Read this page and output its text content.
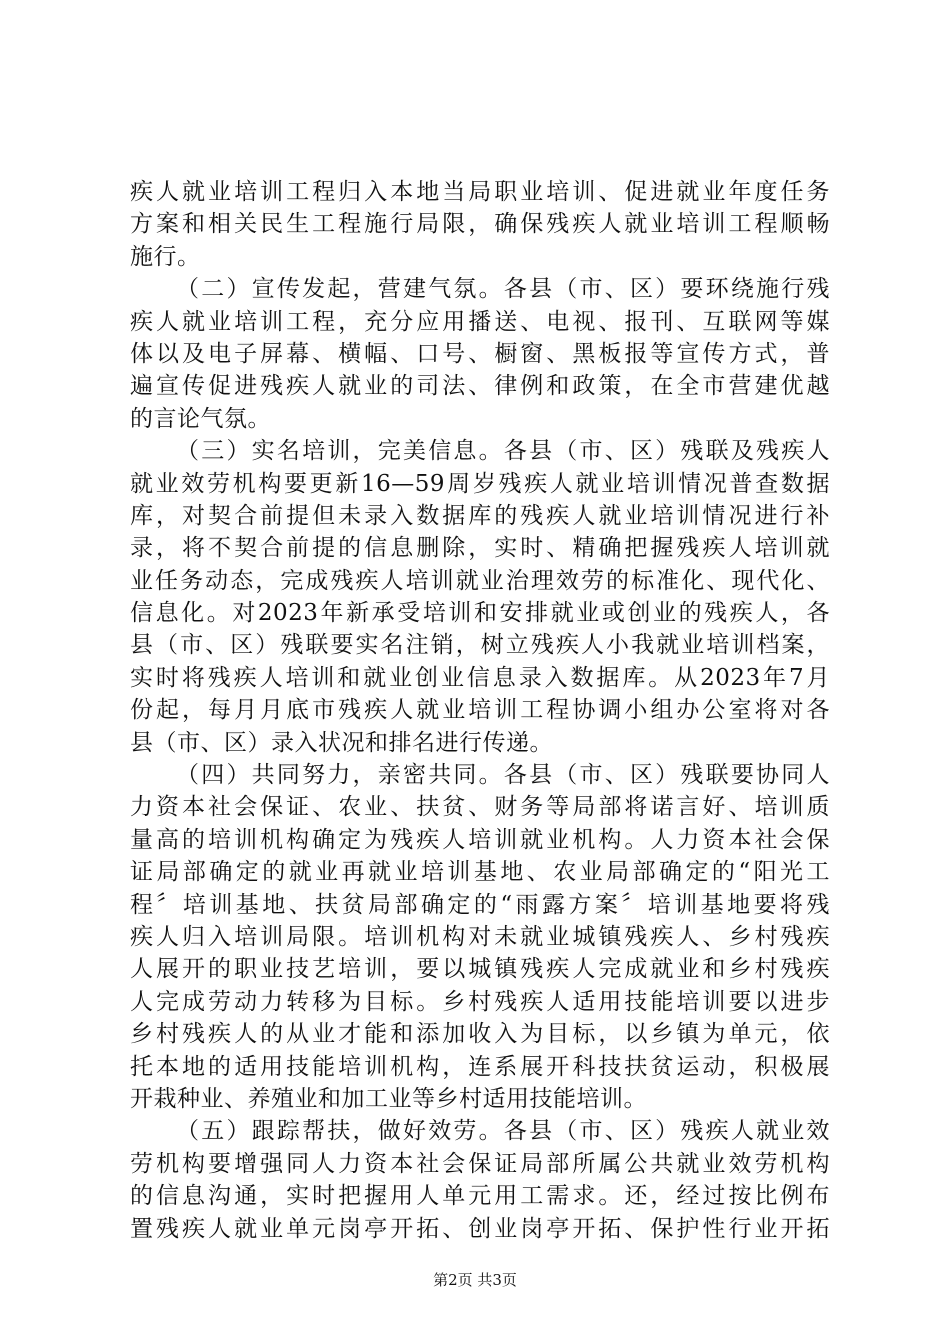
疾人就业培训工程归入本地当局职业培训、促进就业年度任务
方案和相关民生工程施行局限，确保残疾人就业培训工程顺畅
施行。
（二）宣传发起，营建气氛。各县（市、区）要环绕施行残
疾人就业培训工程，充分应用播送、电视、报刊、互联网等媒
体以及电子屏幕、横幅、口号、橱窗、黑板报等宣传方式，普
遍宣传促进残疾人就业的司法、律例和政策，在全市营建优越
的言论气氛。
（三）实名培训，完美信息。各县（市、区）残联及残疾人
就业效劳机构要更新16—59周岁残疾人就业培训情况普查数据
库，对契合前提但未录入数据库的残疾人就业培训情况进行补
录，将不契合前提的信息删除，实时、精确把握残疾人培训就
业任务动态，完成残疾人培训就业治理效劳的标准化、现代化、
信息化。对2023年新承受培训和安排就业或创业的残疾人，各
县（市、区）残联要实名注销，树立残疾人小我就业培训档案，
实时将残疾人培训和就业创业信息录入数据库。从2023年7月
份起，每月月底市残疾人就业培训工程协调小组办公室将对各
县（市、区）录入状况和排名进行传递。
（四）共同努力，亲密共同。各县（市、区）残联要协同人
力资本社会保证、农业、扶贫、财务等局部将诺言好、培训质
量高的培训机构确定为残疾人培训就业机构。人力资本社会保
证局部确定的就业再就业培训基地、农业局部确定的“阳光工
程〞培训基地、扶贫局部确定的“雨露方案〞培训基地要将残
疾人归入培训局限。培训机构对未就业城镇残疾人、乡村残疾
人展开的职业技艺培训，要以城镇残疾人完成就业和乡村残疾
人完成劳动力转移为目标。乡村残疾人适用技能培训要以进步
乡村残疾人的从业才能和添加收入为目标，以乡镇为单元，依
托本地的适用技能培训机构，连系展开科技扶贫运动，积极展
开栽种业、养殖业和加工业等乡村适用技能培训。
（五）跟踪帮扶，做好效劳。各县（市、区）残疾人就业效
劳机构要增强同人力资本社会保证局部所属公共就业效劳机构
的信息沟通，实时把握用人单元用工需求。还，经过按比例布
置残疾人就业单元岗亭开拓、创业岗亭开拓、保护性行业开拓
第2页 共3页
